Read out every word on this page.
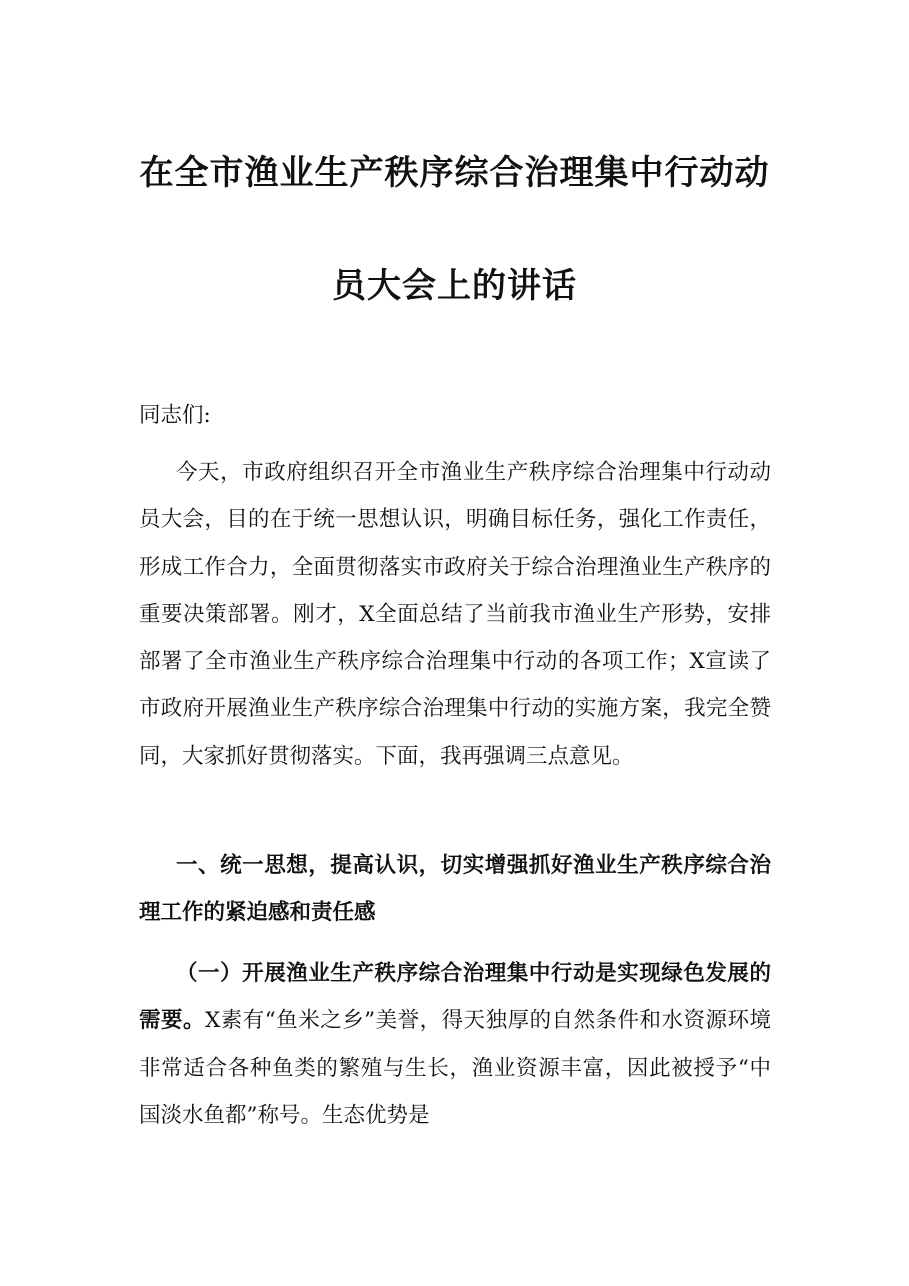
在全市渔业生产秩序综合治理集中行动动
员大会上的讲话
同志们:
今天，市政府组织召开全市渔业生产秩序综合治理集中行动动员大会，目的在于统一思想认识，明确目标任务，强化工作责任，形成工作合力，全面贯彻落实市政府关于综合治理渔业生产秩序的重要决策部署。刚才，X全面总结了当前我市渔业生产形势，安排部署了全市渔业生产秩序综合治理集中行动的各项工作；X宣读了市政府开展渔业生产秩序综合治理集中行动的实施方案，我完全赞同，大家抓好贯彻落实。下面，我再强调三点意见。
一、统一思想，提高认识，切实增强抓好渔业生产秩序综合治理工作的紧迫感和责任感
（一）开展渔业生产秩序综合治理集中行动是实现绿色发展的需要。X素有“鱼米之乡”美誉，得天独厚的自然条件和水资源环境非常适合各种鱼类的繁殖与生长，渔业资源丰富，因此被授予“中国淡水鱼都”称号。生态优势是
